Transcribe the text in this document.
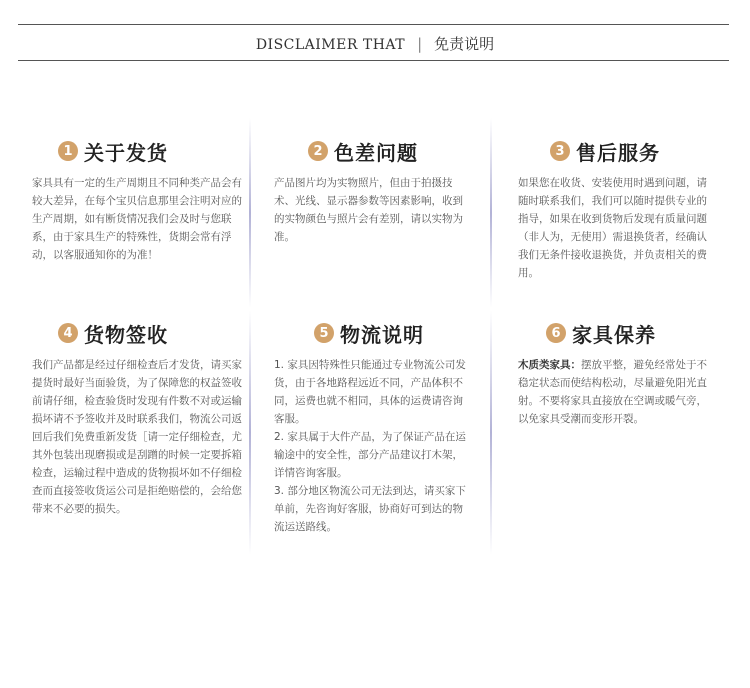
DISCLAIMER THAT | 免责说明
1 关于发货
家具具有一定的生产周期且不同种类产品会有较大差异，在每个宝贝信息那里会注明对应的生产周期，如有断货情况我们会及时与您联系，由于家具生产的特殊性，货期会常有浮动，以客服通知你的为准！
2 色差问题
产品图片均为实物照片，但由于拍摄技术、光线、显示器参数等因素影响，收到的实物颜色与照片会有差别，请以实物为准。
3 售后服务
如果您在收货、安装使用时遇到问题，请随时联系我们，我们可以随时提供专业的指导，如果在收到货物后发现有质量问题（非人为，无使用）需退换货者，经确认我们无条件接收退换货，并负责相关的费用。
4 货物签收
我们产品都是经过仔细检查后才发货，请买家提货时最好当面验货，为了保障您的权益签收前请仔细，检查验货时发现有件数不对或运输损坏请不予签收并及时联系我们，物流公司返回后我们免费重新发货［请一定仔细检查，尤其外包装出现磨损或是刮蹭的时候一定要拆箱检查，运输过程中造成的货物损坏如不仔细检查而直接签收货运公司是拒绝赔偿的，会给您带来不必要的损失。
5 物流说明

1. 家具因特殊性只能通过专业物流公司发货，由于各地路程远近不同，产品体积不同，运费也就不相同，具体的运费请咨询客服。

2. 家具属于大件产品，为了保证产品在运输途中的安全性，部分产品建议打木架，详情咨询客服。

3. 部分地区物流公司无法到达，请买家下单前，先咨询好客服，协商好可到达的物流运送路线。

6 家具保养
木质类家具：摆放平整，避免经常处于不稳定状态而使结构松动，尽量避免阳光直射。不要将家具直接放在空调或暖气旁，以免家具受潮而变形开裂。
